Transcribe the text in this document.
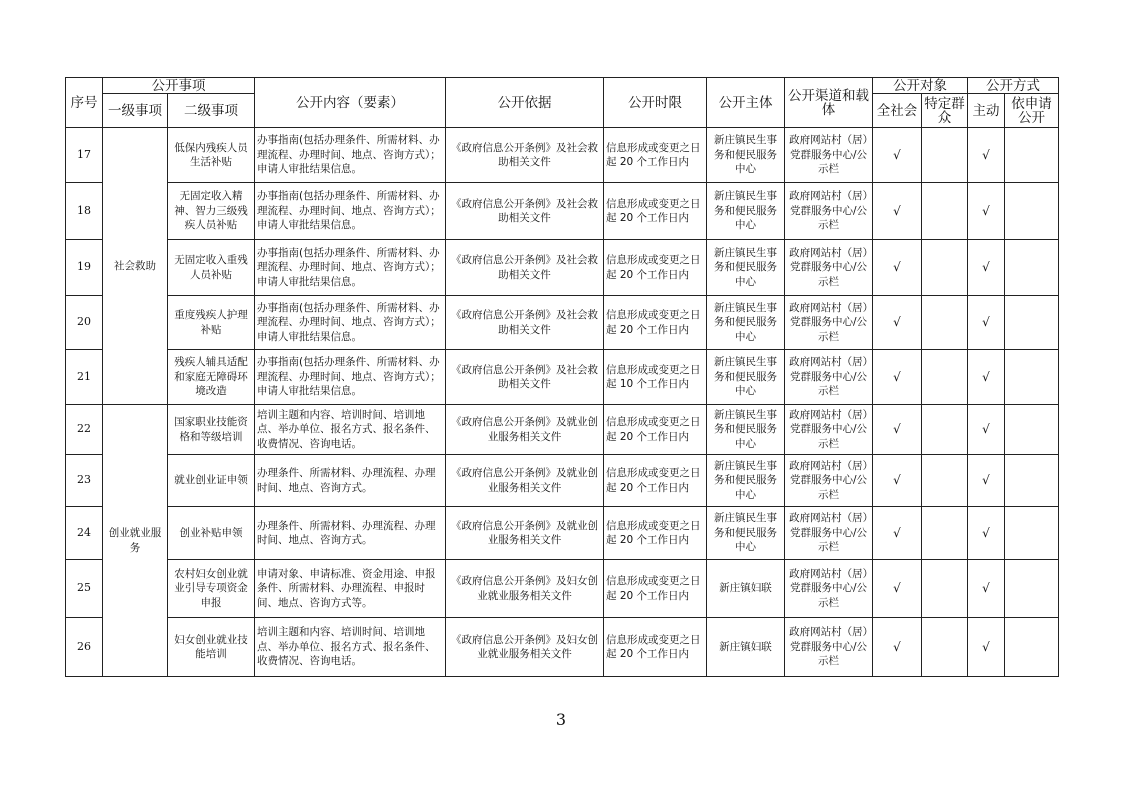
序号	公开事项		公开内容（要素）	公开依据	公开时限	公开主体	公开渠道和载体	公开对象		公开方式	
	一级事项	二级事项						全社会	特定群众	主动	依申请公开
17	社会救助	低保内残疾人员生活补贴	办事指南(包括办理条件、所需材料、办理流程、办理时间、地点、咨询方式）；申请人审批结果信息。	《政府信息公开条例》及社会救助相关文件	信息形成或变更之日起 20 个工作日内	新庄镇民生事务和便民服务中心	政府网站村（居）党群服务中心/公示栏	√		√	
18		无固定收入精神、智力三级残疾人员补贴	办事指南(包括办理条件、所需材料、办理流程、办理时间、地点、咨询方式）；申请人审批结果信息。	《政府信息公开条例》及社会救助相关文件	信息形成或变更之日起 20 个工作日内	新庄镇民生事务和便民服务中心	政府网站村（居）党群服务中心/公示栏	√		√	
19		无固定收入重残人员补贴	办事指南(包括办理条件、所需材料、办理流程、办理时间、地点、咨询方式）；申请人审批结果信息。	《政府信息公开条例》及社会救助相关文件	信息形成或变更之日起 20 个工作日内	新庄镇民生事务和便民服务中心	政府网站村（居）党群服务中心/公示栏	√		√	
20		重度残疾人护理补贴	办事指南(包括办理条件、所需材料、办理流程、办理时间、地点、咨询方式）；申请人审批结果信息。	《政府信息公开条例》及社会救助相关文件	信息形成或变更之日起 20 个工作日内	新庄镇民生事务和便民服务中心	政府网站村（居）党群服务中心/公示栏	√		√	
21		残疾人辅具适配和家庭无障碍环境改造	办事指南(包括办理条件、所需材料、办理流程、办理时间、地点、咨询方式）；申请人审批结果信息。	《政府信息公开条例》及社会救助相关文件	信息形成或变更之日起 10 个工作日内	新庄镇民生事务和便民服务中心	政府网站村（居）党群服务中心/公示栏	√		√	
22	创业就业服务	国家职业技能资格和等级培训	培训主题和内容、培训时间、培训地点、举办单位、报名方式、报名条件、收费情况、咨询电话。	《政府信息公开条例》及就业创业服务相关文件	信息形成或变更之日起 20 个工作日内	新庄镇民生事务和便民服务中心	政府网站村（居）党群服务中心/公示栏	√		√	
23		就业创业证申领	办理条件、所需材料、办理流程、办理时间、地点、咨询方式。	《政府信息公开条例》及就业创业服务相关文件	信息形成或变更之日起 20 个工作日内	新庄镇民生事务和便民服务中心	政府网站村（居）党群服务中心/公示栏	√		√	
24		创业补贴申领	办理条件、所需材料、办理流程、办理时间、地点、咨询方式。	《政府信息公开条例》及就业创业服务相关文件	信息形成或变更之日起 20 个工作日内	新庄镇民生事务和便民服务中心	政府网站村（居）党群服务中心/公示栏	√		√	
25		农村妇女创业就业引导专项资金申报	申请对象、申请标准、资金用途、申报条件、所需材料、办理流程、申报时间、地点、咨询方式等。	《政府信息公开条例》及妇女创业就业服务相关文件	信息形成或变更之日起 20 个工作日内	新庄镇妇联	政府网站村（居）党群服务中心/公示栏	√		√	
26		妇女创业就业技能培训	培训主题和内容、培训时间、培训地点、举办单位、报名方式、报名条件、收费情况、咨询电话。	《政府信息公开条例》及妇女创业就业服务相关文件	信息形成或变更之日起 20 个工作日内	新庄镇妇联	政府网站村（居）党群服务中心/公示栏	√		√	
3
